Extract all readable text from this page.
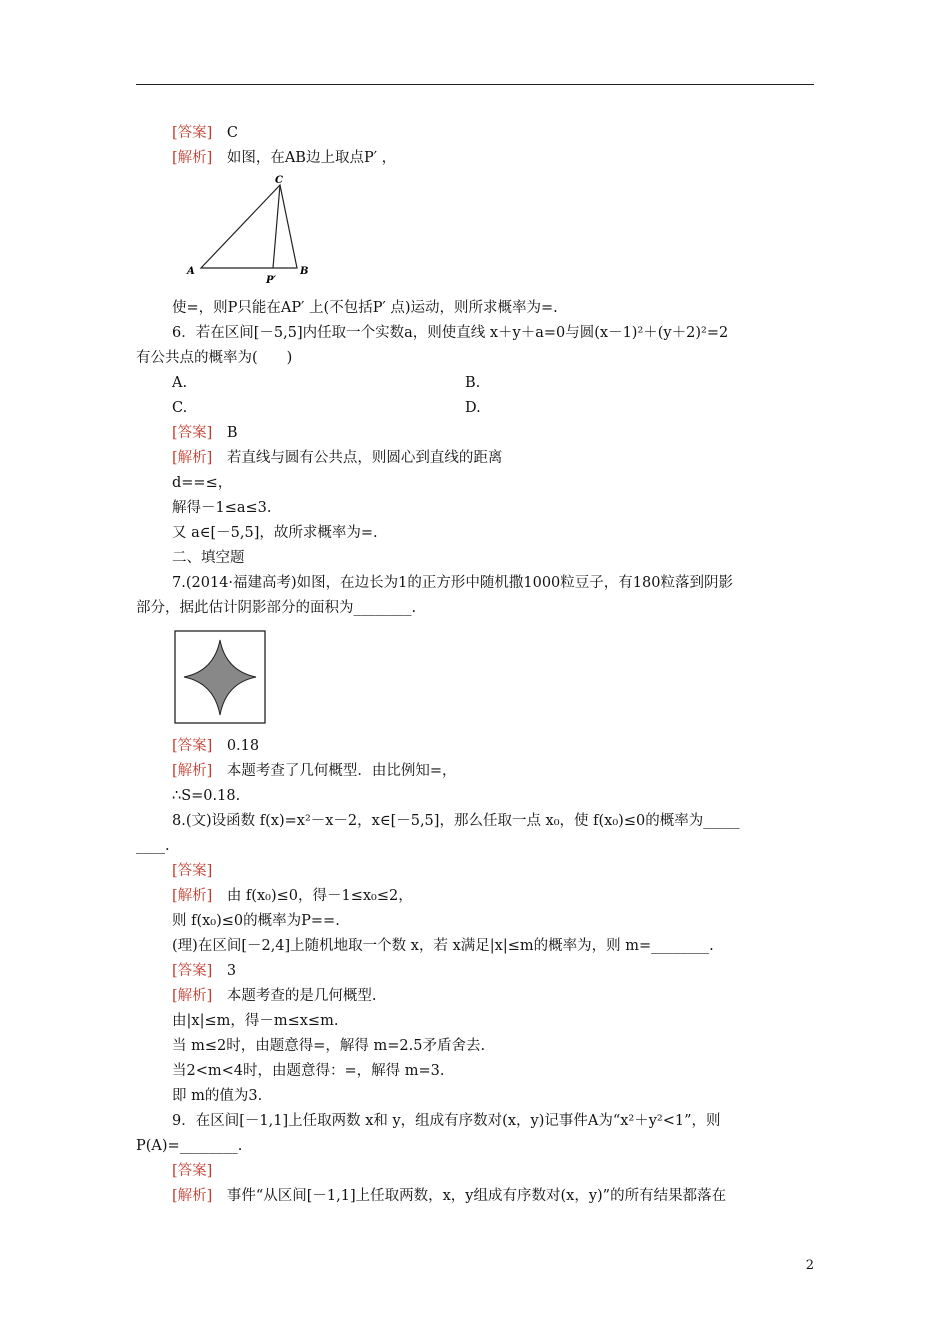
[答案]　C
[解析]　如图，在AB边上取点P′ ，
使=，则P只能在AP′ 上(不包括P′ 点)运动，则所求概率为=.
6．若在区间[－5,5]内任取一个实数a，则使直线 x＋y＋a=0与圆(x－1)²＋(y＋2)²=2
有公共点的概率为(　　)
A.	B.
C.	D.
[答案]　B
[解析]　若直线与圆有公共点，则圆心到直线的距离
d==≤，
解得－1≤a≤3.
又 a∈[－5,5]，故所求概率为=.
二、填空题
7.(2014·福建高考)如图，在边长为1的正方形中随机撒1000粒豆子，有180粒落到阴影
部分，据此估计阴影部分的面积为________.
[答案]　0.18
[解析]　本题考查了几何概型．由比例知=，
∴S=0.18.
8.(文)设函数 f(x)=x²－x－2，x∈[－5,5]，那么任取一点 x₀，使 f(x₀)≤0的概率为_____
____.
[答案]
[解析]　由 f(x₀)≤0，得－1≤x₀≤2，
则 f(x₀)≤0的概率为P==.
(理)在区间[－2,4]上随机地取一个数 x，若 x满足|x|≤m的概率为，则 m=________.
[答案]　3
[解析]　本题考查的是几何概型.
由|x|≤m，得－m≤x≤m.
当 m≤2时，由题意得=，解得 m=2.5矛盾舍去.
当2<m<4时，由题意得：=，解得 m=3.
即 m的值为3.
9．在区间[－1,1]上任取两数 x和 y，组成有序数对(x，y)记事件A为“x²＋y²<1”，则
P(A)=________.
[答案]
[解析]　事件“从区间[－1,1]上任取两数，x，y组成有序数对(x，y)”的所有结果都落在
A	B
C
P′
2
